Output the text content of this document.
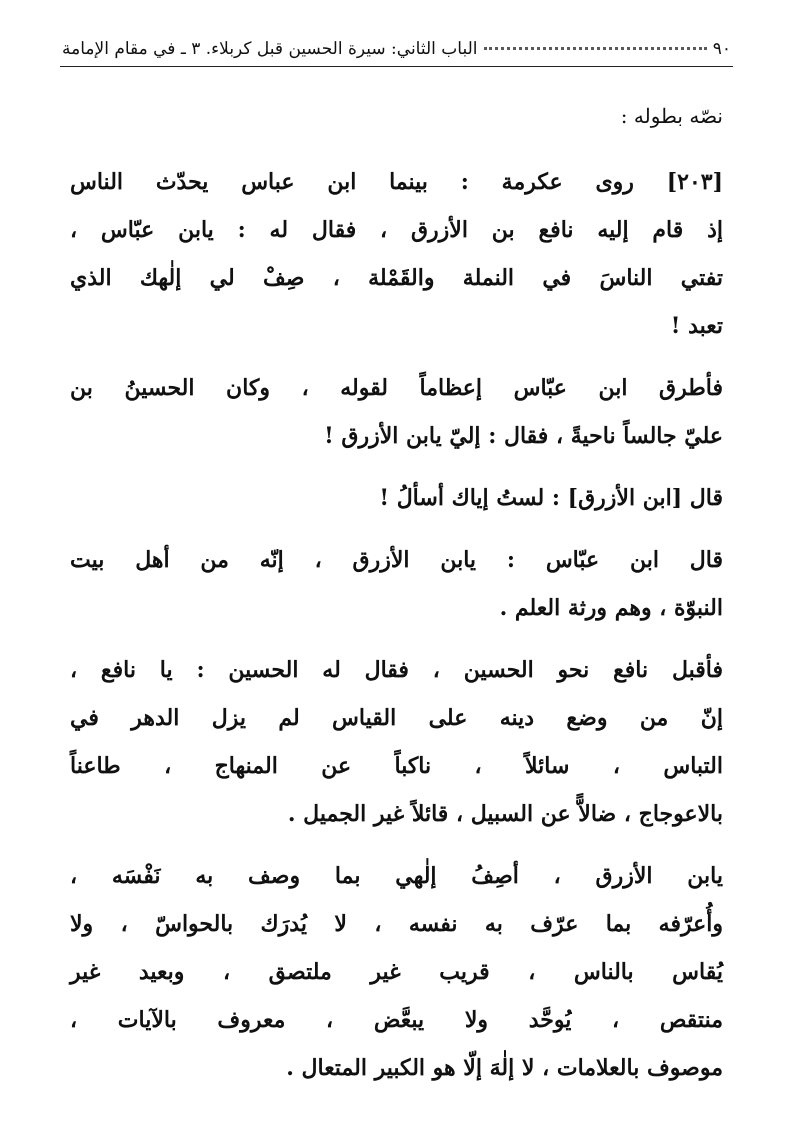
٩٠
الباب الثاني: سيرة الحسين قبل كربلاء. ٣ ـ في مقام الإمامة
نصّه بطوله :
[٢٠٣] روى عكرمة : بينما ابن عباس يحدّث الناس
إذ قام إليه نافع بن الأزرق ، فقال له : يابن عبّاس ،
تفتي الناسَ في النملة والقَمْلة ، صِفْ لي إلٰهك الذي
تعبد !
فأطرق ابن عبّاس إعظاماً لقوله ، وكان الحسينُ بن
عليّ جالساً ناحيةً ، فقال : إليّ يابن الأزرق !
قال [ابن الأزرق] : لستُ إياك أسألُ !
قال ابن عبّاس : يابن الأزرق ، إنّه من أهل بيت
النبوّة ، وهم ورثة العلم .
فأقبل نافع نحو الحسين ، فقال له الحسين : يا نافع ،
إنّ من وضع دينه على القياس لم يزل الدهر في
التباس ، سائلاً ، ناكباً عن المنهاج ، طاعناً
بالاعوجاج ، ضالاًّ عن السبيل ، قائلاً غير الجميل .
يابن الأزرق ، أصِفُ إلٰهي بما وصف به نَفْسَه ،
وأُعرّفه بما عرّف به نفسه ، لا يُدرَك بالحواسّ ، ولا
يُقاس بالناس ، قريب غير ملتصق ، وبعيد غير
منتقص ، يُوحَّد ولا يبعَّض ، معروف بالآيات ،
موصوف بالعلامات ، لا إلٰهَ إلّا هو الكبير المتعال .
